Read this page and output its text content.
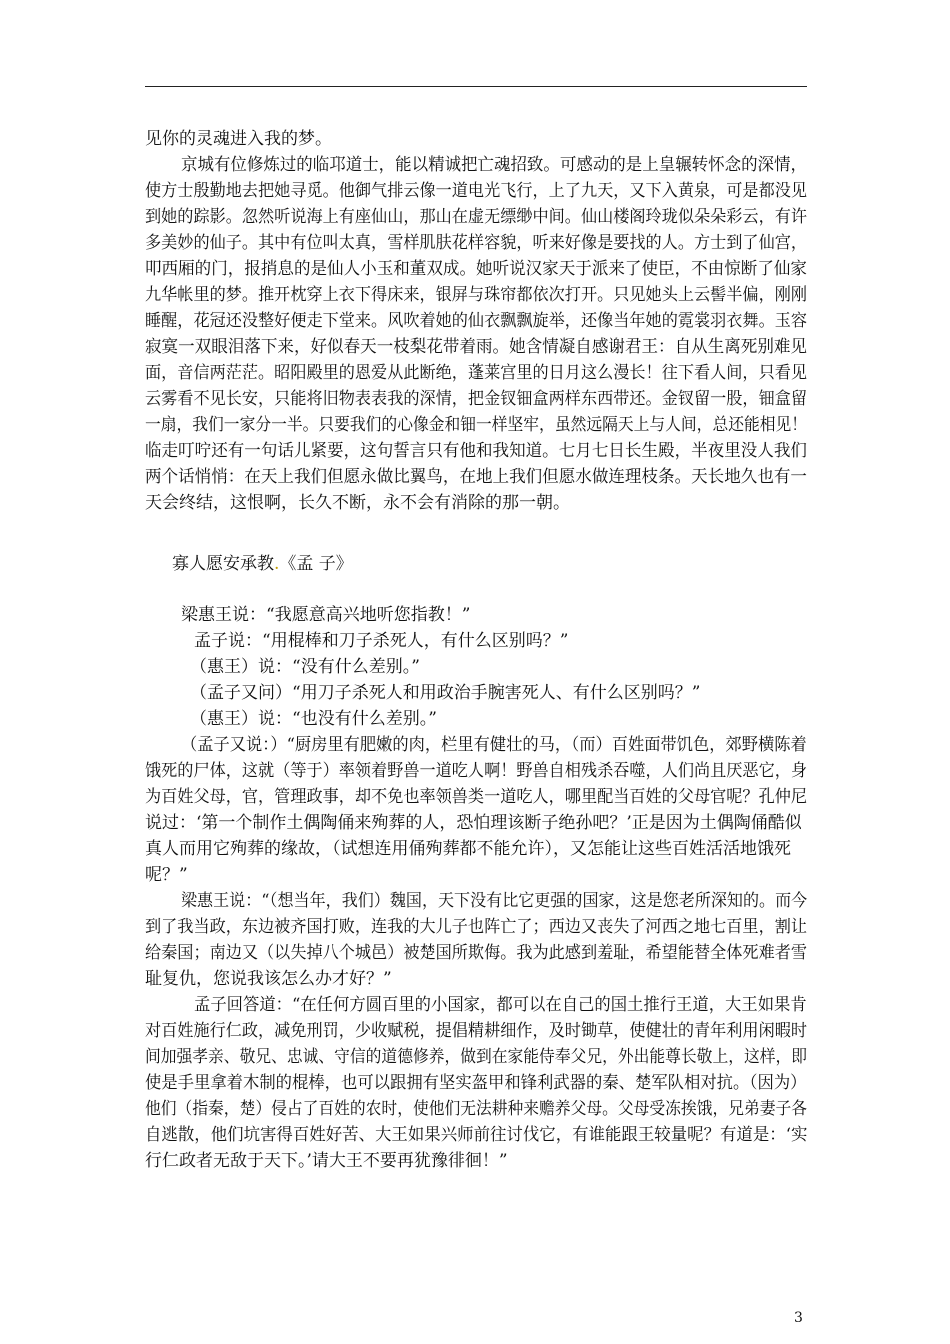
见你的灵魂进入我的梦。
京城有位修炼过的临邛道士，能以精诚把亡魂招致。可感动的是上皇辗转怀念的深情，
使方士殷勤地去把她寻觅。他御气排云像一道电光飞行，上了九天，又下入黄泉，可是都没见
到她的踪影。忽然听说海上有座仙山，那山在虚无缥缈中间。仙山楼阁玲珑似朵朵彩云，有许
多美妙的仙子。其中有位叫太真，雪样肌肤花样容貌，听来好像是要找的人。方士到了仙宫，
叩西厢的门，报捎息的是仙人小玉和董双成。她听说汉家天于派来了使臣，不由惊断了仙家
九华帐里的梦。推开枕穿上衣下得床来，银屏与珠帘都依次打开。只见她头上云髻半偏，刚刚
睡醒，花冠还没整好便走下堂来。风吹着她的仙衣飘飘旋举，还像当年她的霓裳羽衣舞。玉容
寂寞一双眼泪落下来，好似春天一枝梨花带着雨。她含情凝自感谢君王：自从生离死别难见
面，音信两茫茫。昭阳殿里的恩爱从此断绝，蓬莱宫里的日月这么漫长！往下看人间，只看见
云雾看不见长安，只能将旧物表表我的深情，把金钗钿盒两样东西带还。金钗留一股，钿盒留
一扇，我们一家分一半。只要我们的心像金和钿一样坚牢，虽然远隔天上与人间，总还能相见！
临走叮咛还有一句话儿紧要，这句誓言只有他和我知道。七月七日长生殿，半夜里没人我们
两个话悄悄：在天上我们但愿永做比翼鸟，在地上我们但愿水做连理枝条。天长地久也有一
天会终结，这恨啊，长久不断，永不会有消除的那一朝。
寡人愿安承教.《孟 子》
梁惠王说：“我愿意高兴地听您指教！”
孟子说：“用棍棒和刀子杀死人，有什么区别吗？”
（惠王）说：“没有什么差别。”
（孟子又问）“用刀子杀死人和用政治手腕害死人、有什么区别吗？”
（惠王）说：“也没有什么差别。”
（孟子又说：）“厨房里有肥嫩的肉，栏里有健壮的马，（而）百姓面带饥色，郊野横陈着
饿死的尸体，这就（等于）率领着野兽一道吃人啊！野兽自相残杀吞噬，人们尚且厌恶它，身
为百姓父母，官，管理政事，却不免也率领兽类一道吃人，哪里配当百姓的父母官呢？孔仲尼
说过：‘第一个制作土偶陶俑来殉葬的人，恐怕理该断子绝孙吧？’正是因为土偶陶俑酷似
真人而用它殉葬的缘故，（试想连用俑殉葬都不能允许），又怎能让这些百姓活活地饿死
呢？”
梁惠王说：“（想当年，我们）魏国，天下没有比它更强的国家，这是您老所深知的。而今
到了我当政，东边被齐国打败，连我的大儿子也阵亡了；西边又丧失了河西之地七百里，割让
给秦国；南边又（以失掉八个城邑）被楚国所欺侮。我为此感到羞耻，希望能替全体死难者雪
耻复仇，您说我该怎么办才好？”
孟子回答道：“在任何方圆百里的小国家，都可以在自己的国土推行王道，大王如果肯
对百姓施行仁政，减免刑罚，少收赋税，提倡精耕细作，及时锄草，使健壮的青年利用闲暇时
间加强孝亲、敬兄、忠诚、守信的道德修养，做到在家能侍奉父兄，外出能尊长敬上，这样，即
使是手里拿着木制的棍棒，也可以跟拥有坚实盔甲和锋利武器的秦、楚军队相对抗。（因为）
他们（指秦，楚）侵占了百姓的农时，使他们无法耕种来赡养父母。父母受冻挨饿，兄弟妻子各
自逃散，他们坑害得百姓好苦、大王如果兴师前往讨伐它，有谁能跟王较量呢？有道是：‘实
行仁政者无敌于天下。’请大王不要再犹豫徘徊！”
3
